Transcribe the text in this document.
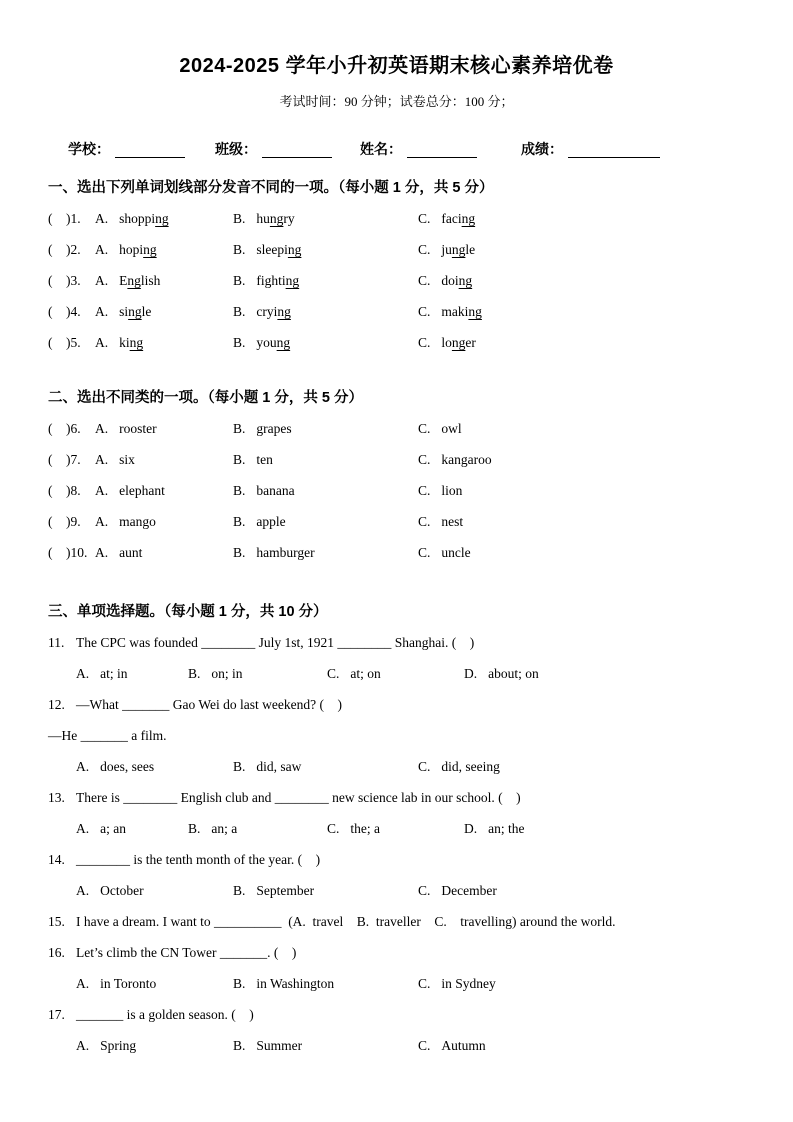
2024-2025 学年小升初英语期末核心素养培优卷
考试时间：90 分钟；试卷总分：100 分；
学校：	班级：	姓名：	成绩：
一、选出下列单词划线部分发音不同的一项。（每小题 1 分，共 5 分）
(    )1.	A. shopping	B. hungry	C. facing
(    )2.	A. hoping	B. sleeping	C. jungle
(    )3.	A. English	B. fighting	C. doing
(    )4.	A. single	B. crying	C. making
(    )5.	A. king	B. young	C. longer
二、选出不同类的一项。（每小题 1 分，共 5 分）
(    )6.	A. rooster	B. grapes	C. owl
(    )7.	A. six	B. ten	C. kangaroo
(    )8.	A. elephant	B. banana	C. lion
(    )9.	A. mango	B. apple	C. nest
(    )10. A. aunt	B. hamburger	C. uncle
三、单项选择题。（每小题 1 分，共 10 分）
11. The CPC was founded ________ July 1st, 1921 ________ Shanghai. (    )
A. at; in	B. on; in	C. at; on	D. about; on
12. —What _______ Gao Wei do last weekend? (    )
—He _______ a film.
A. does, sees	B. did, saw	C. did, seeing
13. There is ________ English club and ________ new science lab in our school. (    )
A. a; an	B. an; a	C. the; a	D. an; the
14. ________ is the tenth month of the year. (    )
A. October	B. September	C. December
15. I have a dream. I want to __________  (A.  travel    B.  traveller    C.    travelling) around the world.
16. Let’s climb the CN Tower _______. (    )
A. in Toronto	B. in Washington	C. in Sydney
17. _______ is a golden season. (    )
A. Spring	B. Summer	C. Autumn
